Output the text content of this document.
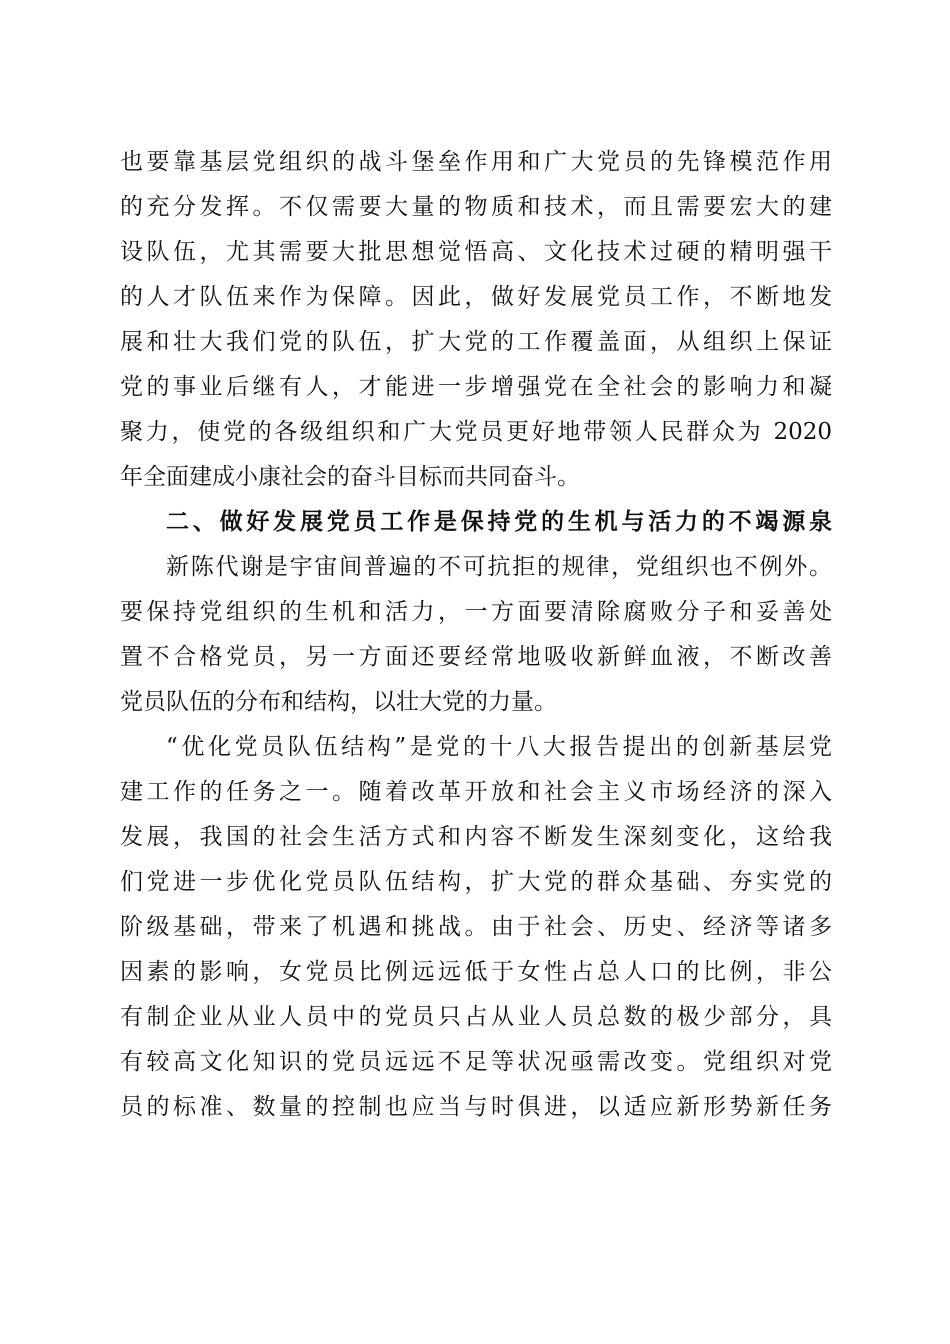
也要靠基层党组织的战斗堡垒作用和广大党员的先锋模范作用
的充分发挥。不仅需要大量的物质和技术，而且需要宏大的建
设队伍，尤其需要大批思想觉悟高、文化技术过硬的精明强干
的人才队伍来作为保障。因此，做好发展党员工作，不断地发
展和壮大我们党的队伍，扩大党的工作覆盖面，从组织上保证
党的事业后继有人，才能进一步增强党在全社会的影响力和凝
聚力，使党的各级组织和广大党员更好地带领人民群众为 2020
年全面建成小康社会的奋斗目标而共同奋斗。
二、做好发展党员工作是保持党的生机与活力的不竭源泉
新陈代谢是宇宙间普遍的不可抗拒的规律，党组织也不例外。
要保持党组织的生机和活力，一方面要清除腐败分子和妥善处
置不合格党员，另一方面还要经常地吸收新鲜血液，不断改善
党员队伍的分布和结构，以壮大党的力量。
“优化党员队伍结构”是党的十八大报告提出的创新基层党
建工作的任务之一。随着改革开放和社会主义市场经济的深入
发展，我国的社会生活方式和内容不断发生深刻变化，这给我
们党进一步优化党员队伍结构，扩大党的群众基础、夯实党的
阶级基础，带来了机遇和挑战。由于社会、历史、经济等诸多
因素的影响，女党员比例远远低于女性占总人口的比例，非公
有制企业从业人员中的党员只占从业人员总数的极少部分，具
有较高文化知识的党员远远不足等状况亟需改变。党组织对党
员的标准、数量的控制也应当与时俱进，以适应新形势新任务
